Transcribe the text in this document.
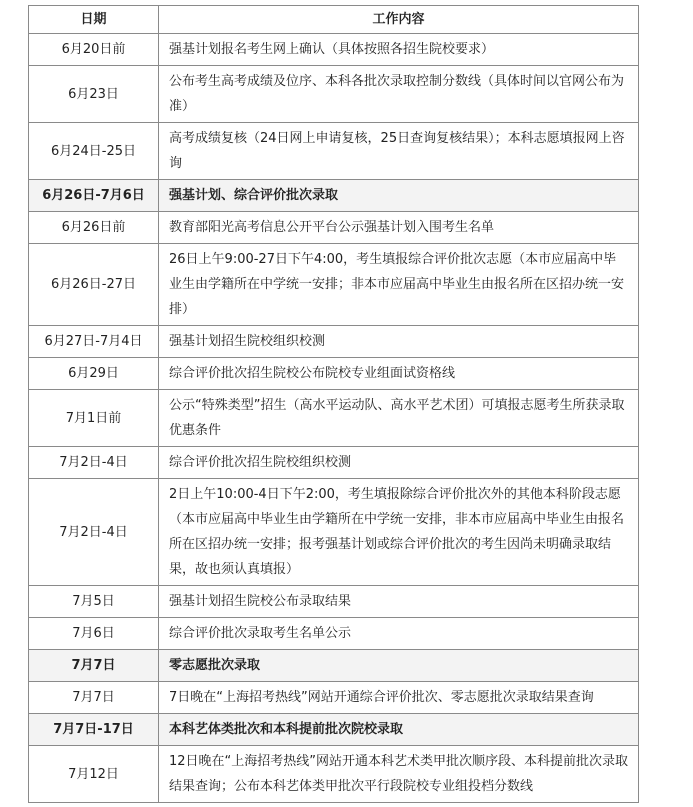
日期	工作内容
6月20日前	强基计划报名考生网上确认（具体按照各招生院校要求）
6月23日	公布考生高考成绩及位序、本科各批次录取控制分数线（具体时间以官网公布为准）
6月24日-25日	高考成绩复核（24日网上申请复核，25日查询复核结果）；本科志愿填报网上咨询
6月26日-7月6日	强基计划、综合评价批次录取
6月26日前	教育部阳光高考信息公开平台公示强基计划入围考生名单
6月26日-27日	26日上午9:00-27日下午4:00，考生填报综合评价批次志愿（本市应届高中毕业生由学籍所在中学统一安排；非本市应届高中毕业生由报名所在区招办统一安排）
6月27日-7月4日	强基计划招生院校组织校测
6月29日	综合评价批次招生院校公布院校专业组面试资格线
7月1日前	公示“特殊类型”招生（高水平运动队、高水平艺术团）可填报志愿考生所获录取优惠条件
7月2日-4日	综合评价批次招生院校组织校测
7月2日-4日	2日上午10:00-4日下午2:00，考生填报除综合评价批次外的其他本科阶段志愿（本市应届高中毕业生由学籍所在中学统一安排，非本市应届高中毕业生由报名所在区招办统一安排；报考强基计划或综合评价批次的考生因尚未明确录取结果，故也须认真填报）
7月5日	强基计划招生院校公布录取结果
7月6日	综合评价批次录取考生名单公示
7月7日	零志愿批次录取
7月7日	7日晚在“上海招考热线”网站开通综合评价批次、零志愿批次录取结果查询
7月7日-17日	本科艺体类批次和本科提前批次院校录取
7月12日	12日晚在“上海招考热线”网站开通本科艺术类甲批次顺序段、本科提前批次录取结果查询；公布本科艺体类甲批次平行段院校专业组投档分数线
